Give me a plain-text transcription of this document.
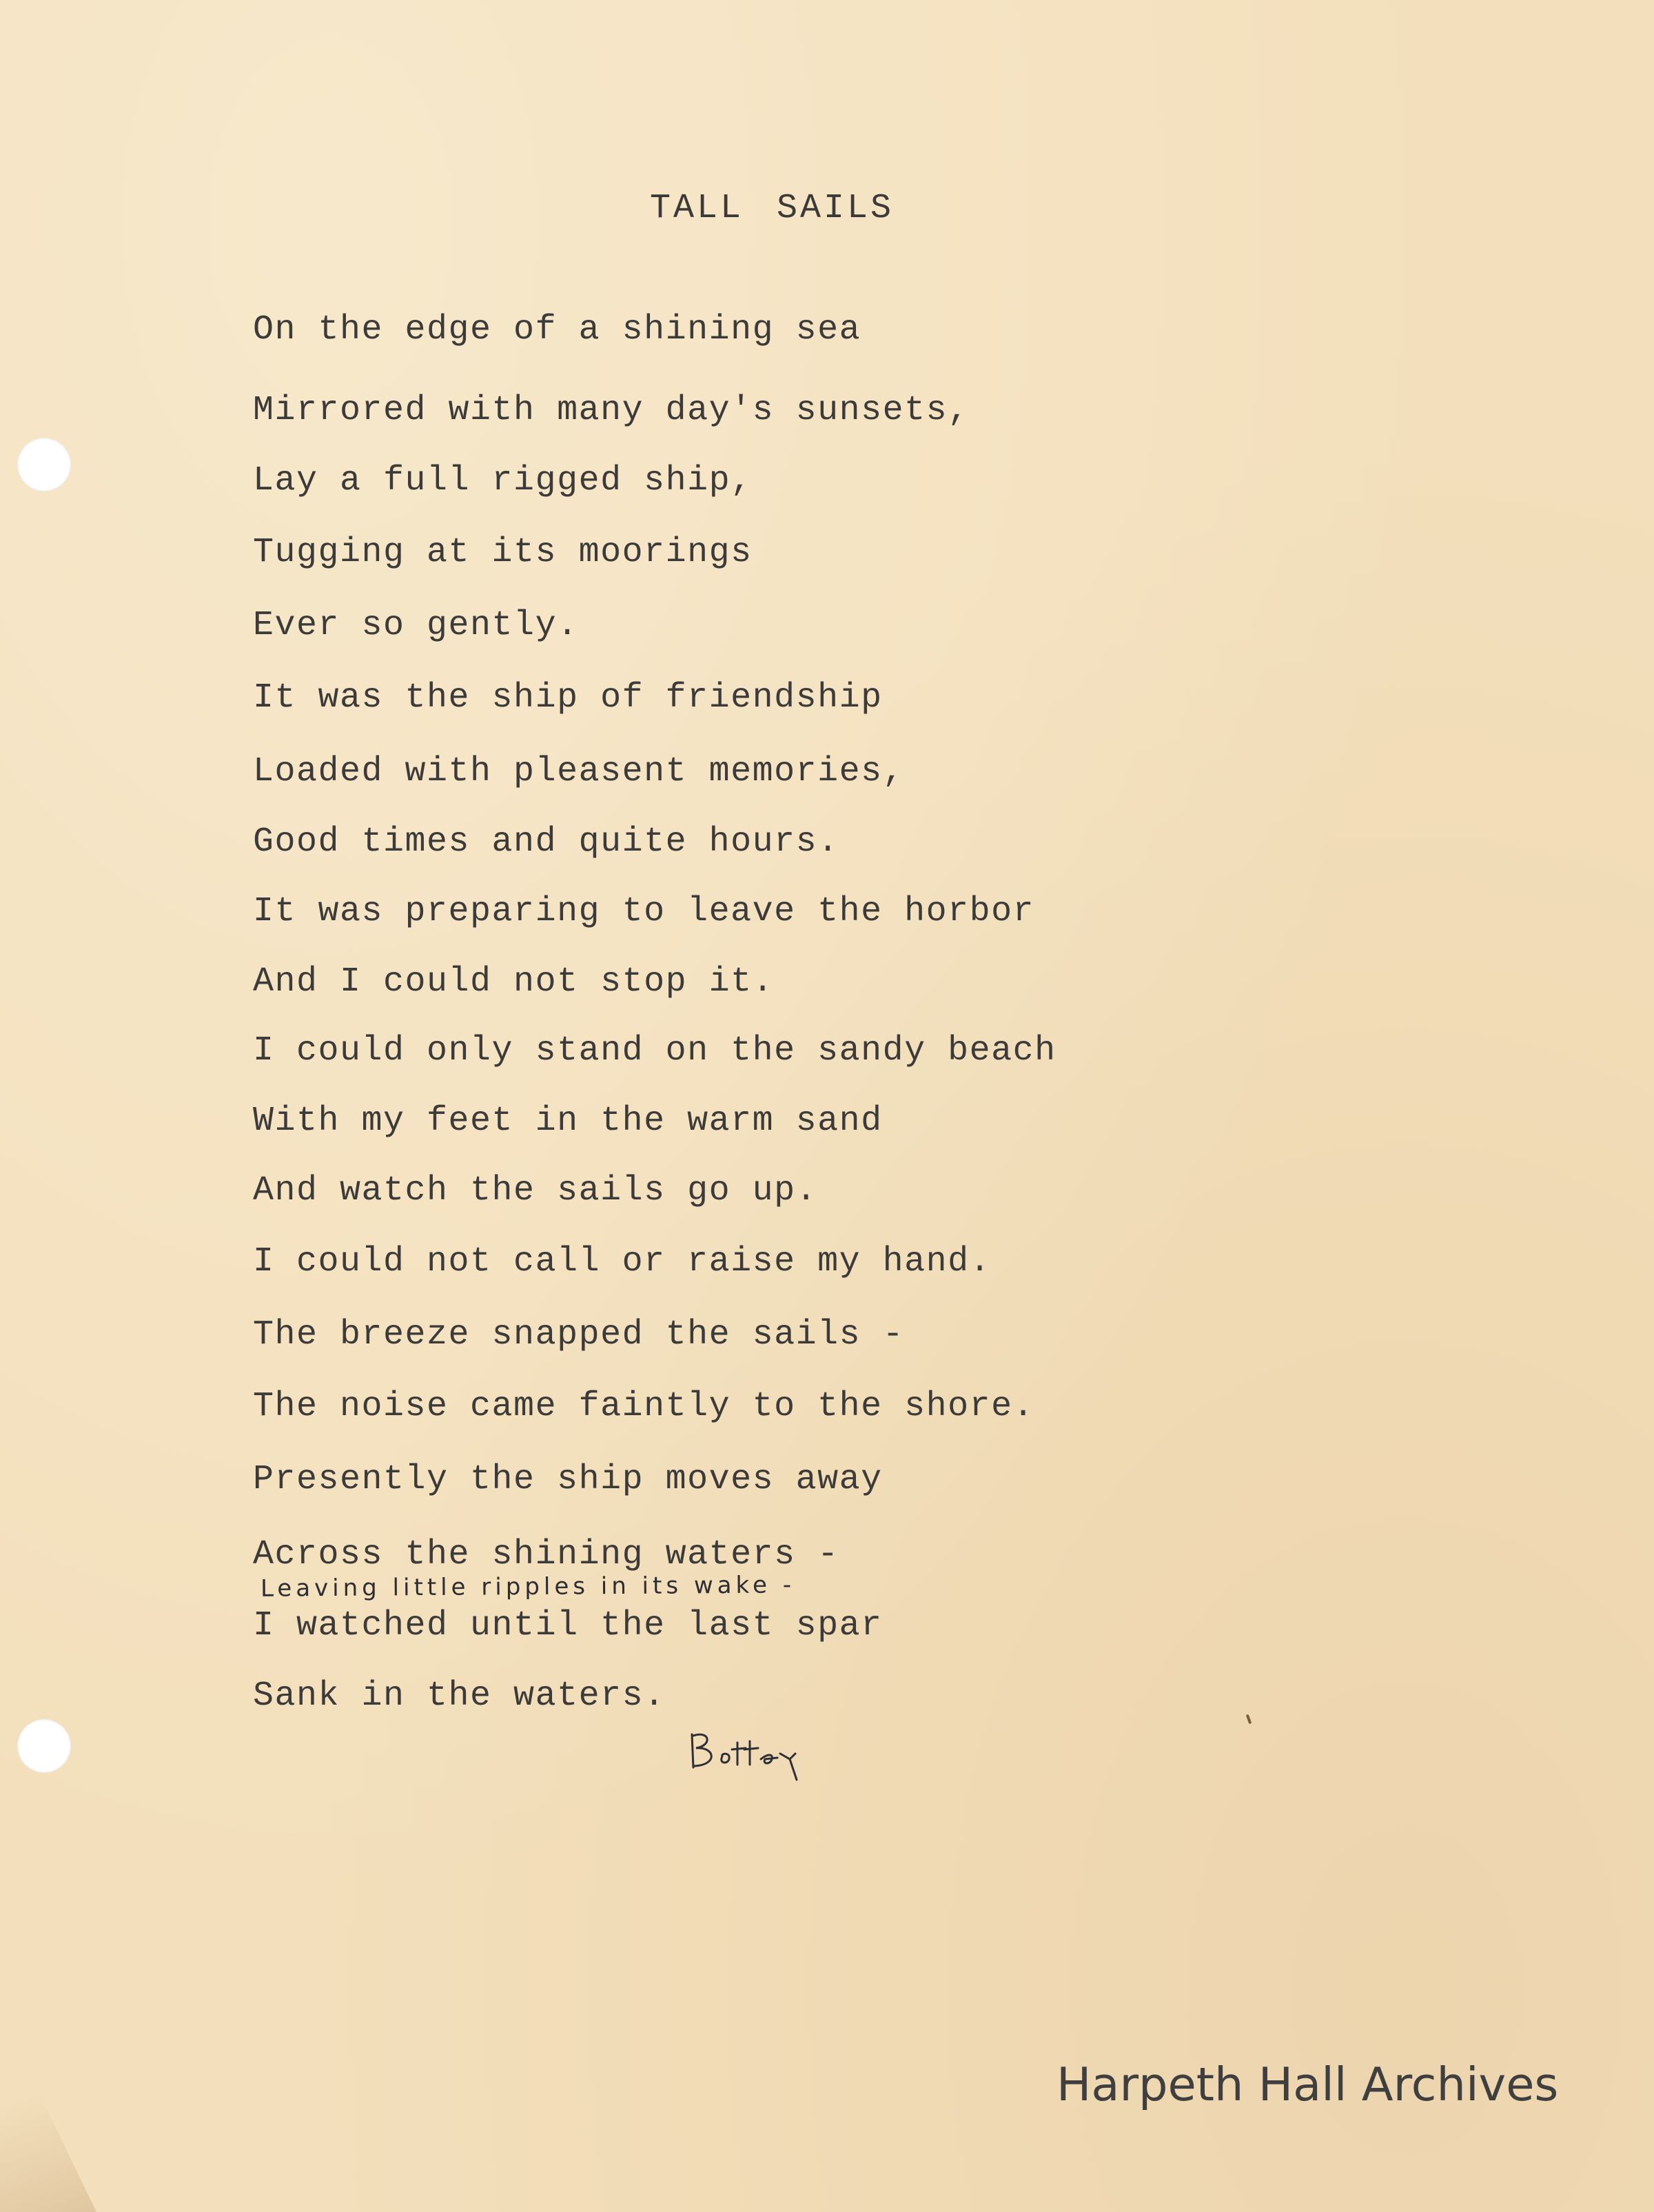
TALL SAILS
On the edge of a shining sea
Mirrored with many day's sunsets,
Lay a full rigged ship,
Tugging at its moorings
Ever so gently.
It was the ship of friendship
Loaded with pleasent memories,
Good times and quite hours.
It was preparing to leave the horbor
And I could not stop it.
I could only stand on the sandy beach
With my feet in the warm sand
And watch the sails go up.
I could not call or raise my hand.
The breeze snapped the sails -
The noise came faintly to the shore.
Presently the ship moves away
Across the shining waters -
Leaving little ripples in its wake -
I watched until the last spar
Sank in the waters.
Harpeth Hall Archives
